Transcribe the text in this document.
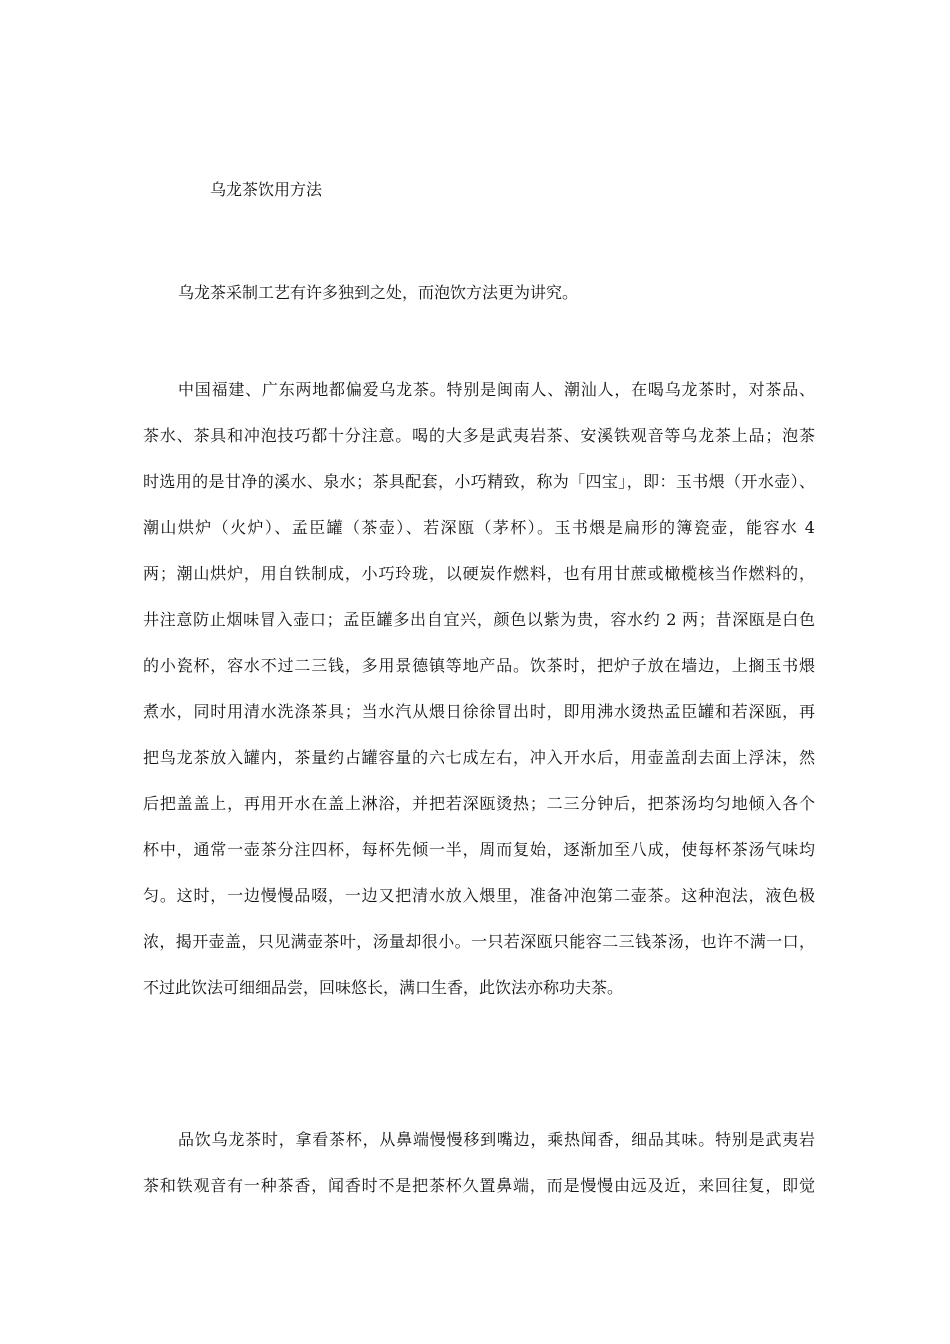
乌龙茶饮用方法
乌龙茶采制工艺有许多独到之处，而泡饮方法更为讲究。
中国福建、广东两地都偏爱乌龙茶。特别是闽南人、潮汕人，在喝乌龙茶时，对茶品、
茶水、茶具和冲泡技巧都十分注意。喝的大多是武夷岩茶、安溪铁观音等乌龙茶上品；泡茶
时选用的是甘净的溪水、泉水；茶具配套，小巧精致，称为「四宝」，即：玉书煨（开水壶）、
潮山烘炉（火炉）、孟臣罐（茶壶）、若深瓯（茅杯）。玉书煨是扁形的簿瓷壶，能容水 4
两；潮山烘炉，用自铁制成，小巧玲珑，以硬炭作燃料，也有用甘蔗或橄榄核当作燃料的，
井注意防止烟味冒入壶口；孟臣罐多出自宜兴，颜色以紫为贵，容水约 2 两；昔深瓯是白色
的小瓷杯，容水不过二三钱，多用景德镇等地产品。饮茶时，把炉子放在墙边，上搁玉书煨
煮水，同时用清水洗涤茶具；当水汽从煨日徐徐冒出时，即用沸水烫热孟臣罐和若深瓯，再
把鸟龙茶放入罐内，茶量约占罐容量的六七成左右，冲入开水后，用壶盖刮去面上浮沫，然
后把盖盖上，再用开水在盖上淋浴，并把若深瓯烫热；二三分钟后，把茶汤均匀地倾入各个
杯中，通常一壶茶分注四杯，每杯先倾一半，周而复始，逐渐加至八成，使每杯茶汤气味均
匀。这时，一边慢慢品啜，一边又把清水放入煨里，准备冲泡第二壶茶。这种泡法，液色极
浓，揭开壶盖，只见满壶茶叶，汤量却很小。一只若深瓯只能容二三钱茶汤，也许不满一口，
不过此饮法可细细品尝，回味悠长，满口生香，此饮法亦称功夫茶。
品饮乌龙茶时，拿看茶杯，从鼻端慢慢移到嘴边，乘热闻香，细品其味。特别是武夷岩
茶和铁观音有一种茶香，闻香时不是把茶杯久置鼻端，而是慢慢由远及近，来回往复，即觉
